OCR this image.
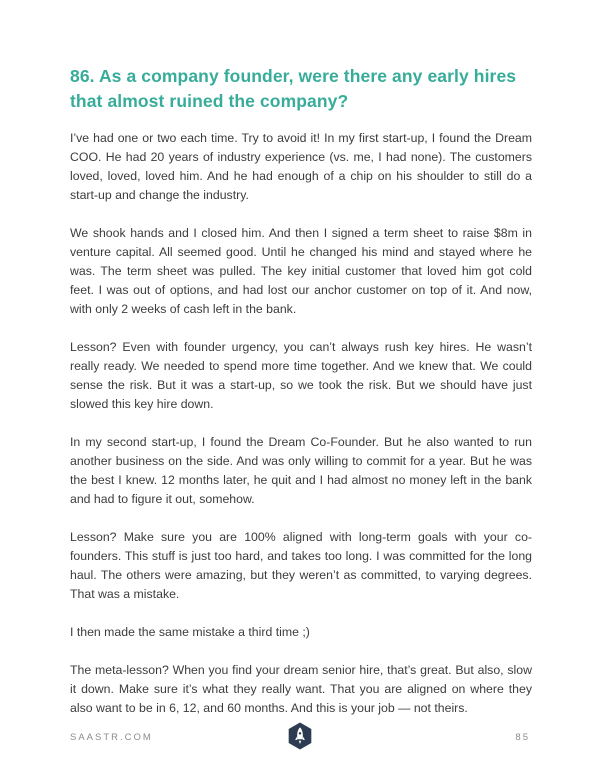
86. As a company founder, were there any early hires that almost ruined the company?

I’ve had one or two each time. Try to avoid it! In my first start-up, I found the Dream COO. He had 20 years of industry experience (vs. me, I had none). The customers loved, loved, loved him. And he had enough of a chip on his shoulder to still do a start-up and change the industry.

We shook hands and I closed him. And then I signed a term sheet to raise $8m in venture capital. All seemed good. Until he changed his mind and stayed where he was. The term sheet was pulled. The key initial customer that loved him got cold feet. I was out of options, and had lost our anchor customer on top of it. And now, with only 2 weeks of cash left in the bank.

Lesson? Even with founder urgency, you can’t always rush key hires. He wasn’t really ready. We needed to spend more time together. And we knew that. We could sense the risk. But it was a start-up, so we took the risk. But we should have just slowed this key hire down.

In my second start-up, I found the Dream Co-Founder. But he also wanted to run another business on the side. And was only willing to commit for a year. But he was the best I knew. 12 months later, he quit and I had almost no money left in the bank and had to figure it out, somehow.

Lesson? Make sure you are 100% aligned with long-term goals with your co-founders. This stuff is just too hard, and takes too long. I was committed for the long haul. The others were amazing, but they weren’t as committed, to varying degrees. That was a mistake.

I then made the same mistake a third time ;)

The meta-lesson? When you find your dream senior hire, that’s great. But also, slow it down. Make sure it’s what they really want. That you are aligned on where they also want to be in 6, 12, and 60 months. And this is your job — not theirs.

SAASTR.COM	85
